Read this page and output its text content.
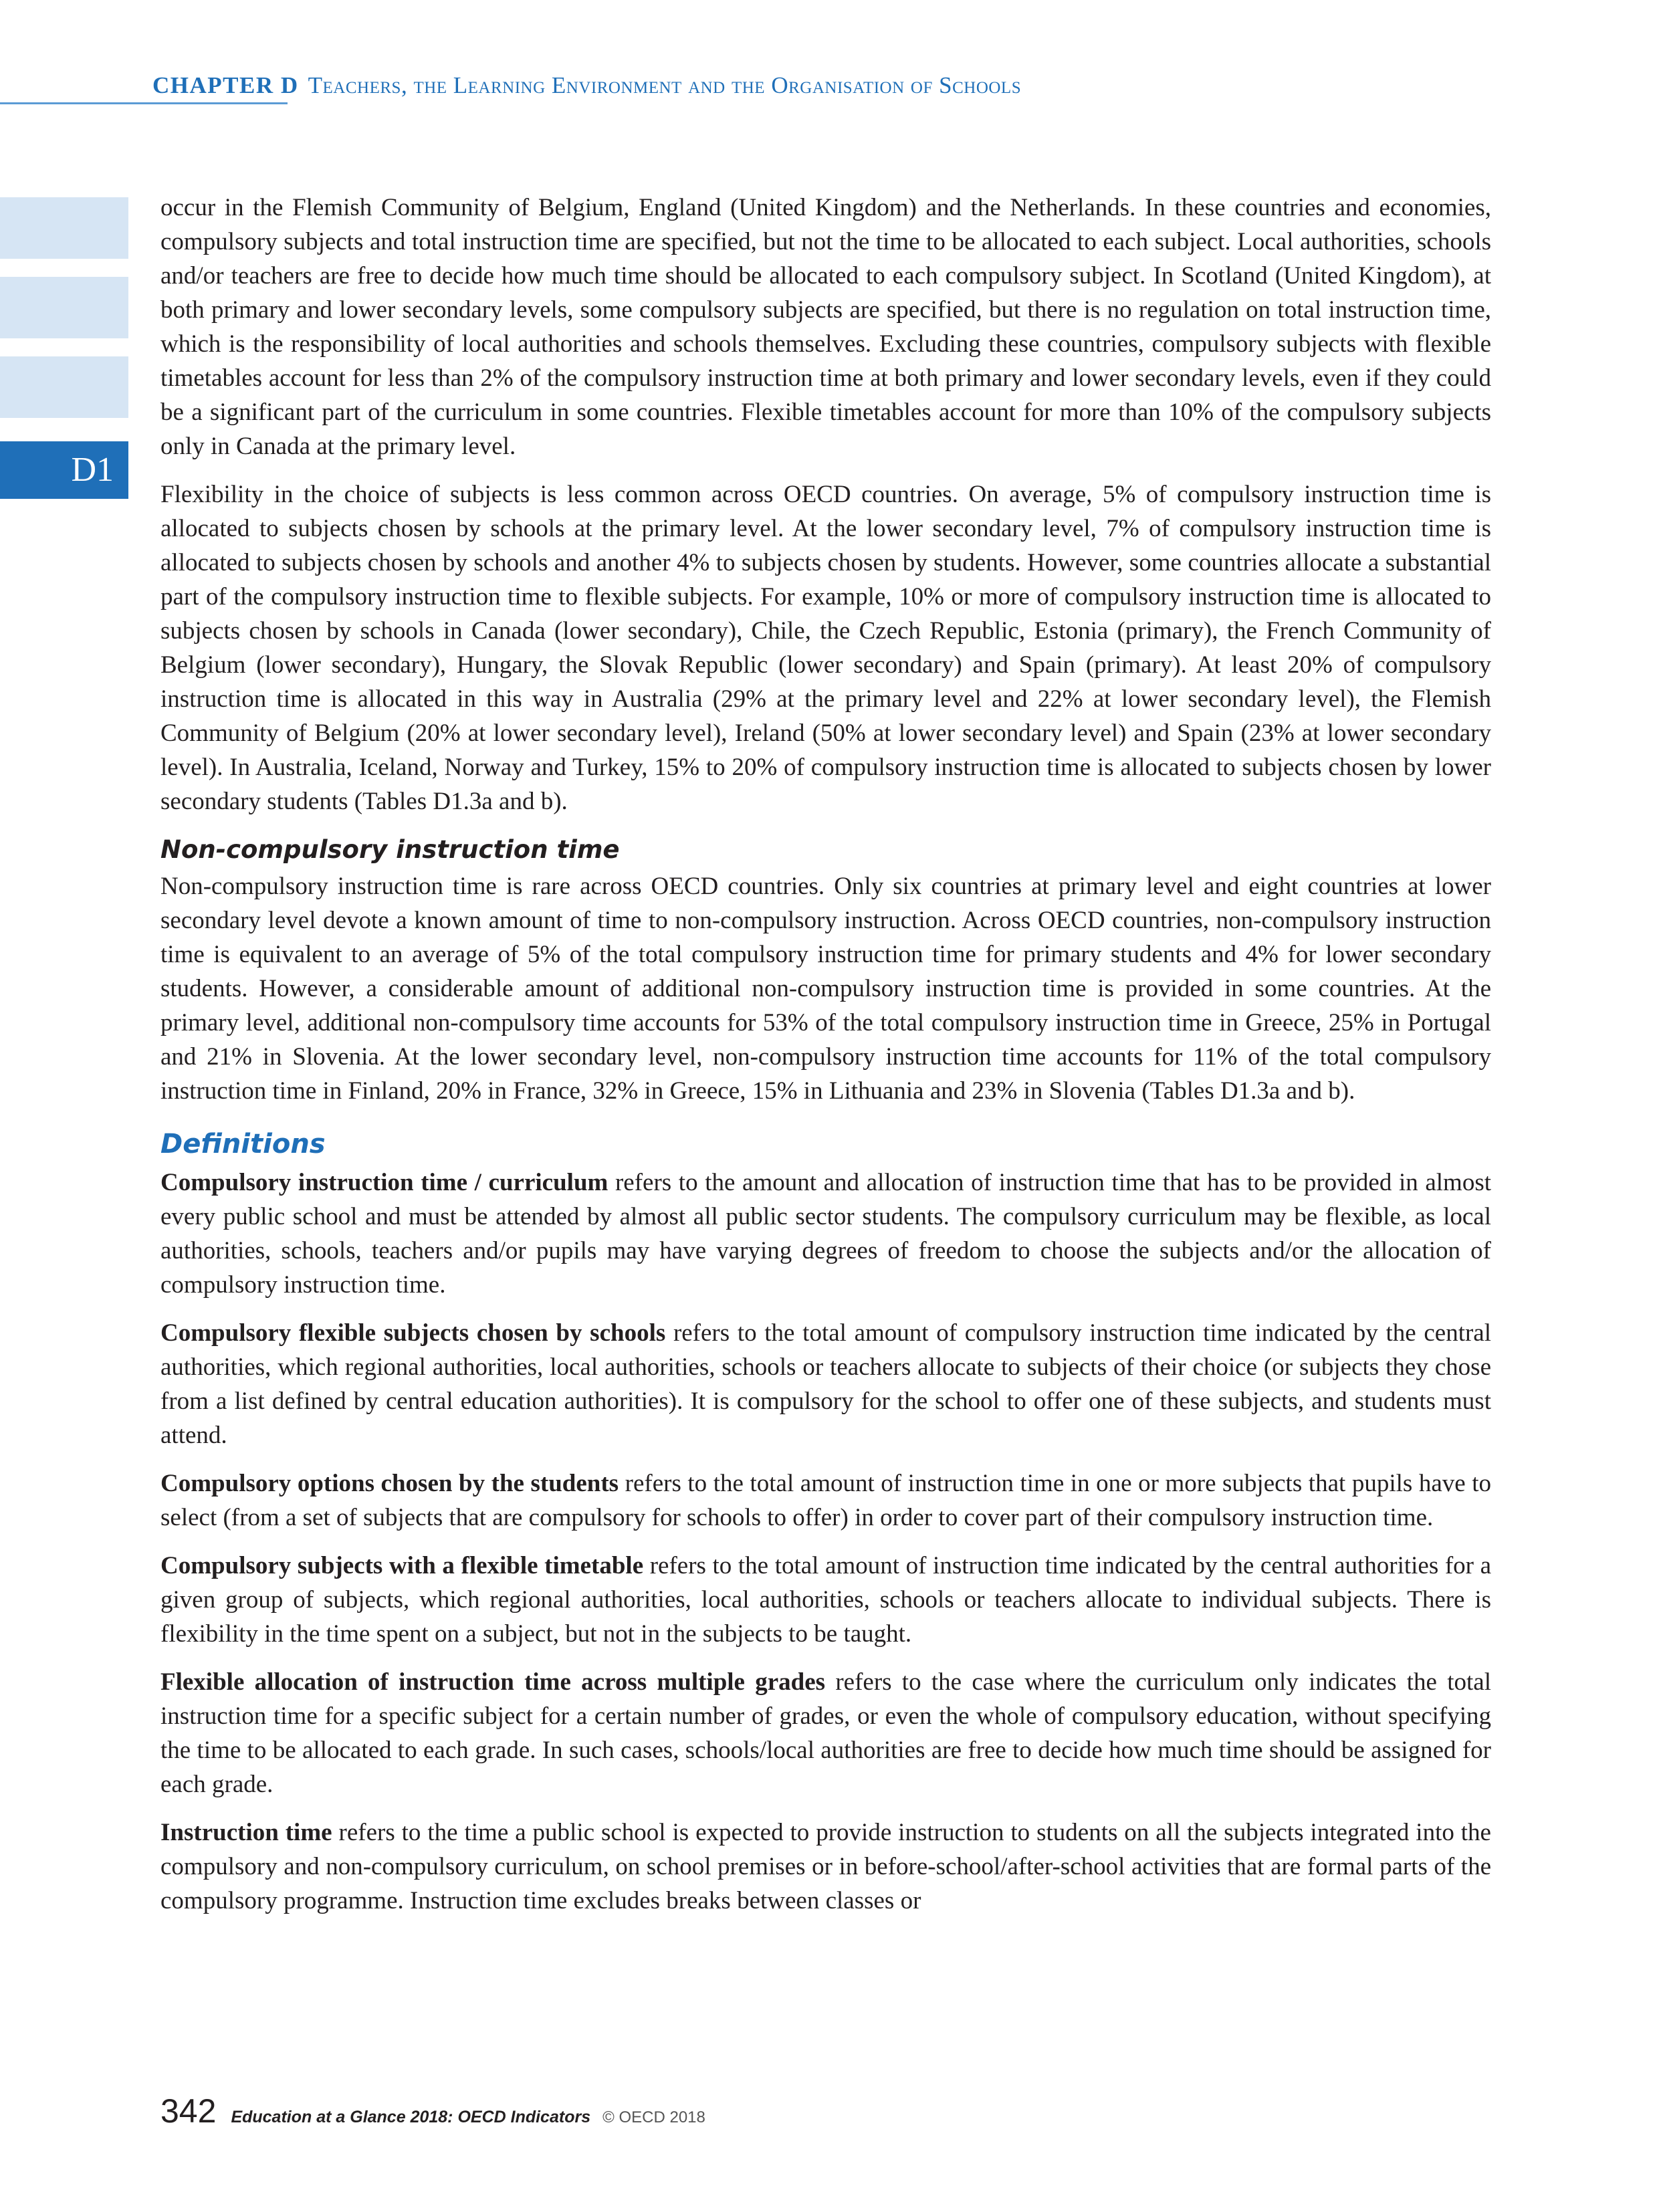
CHAPTER D Teachers, the Learning Environment and the Organisation of Schools
D1

occur in the Flemish Community of Belgium, England (United Kingdom) and the Netherlands. In these countries and economies, compulsory subjects and total instruction time are specified, but not the time to be allocated to each subject. Local authorities, schools and/or teachers are free to decide how much time should be allocated to each compulsory subject. In Scotland (United Kingdom), at both primary and lower secondary levels, some compulsory subjects are specified, but there is no regulation on total instruction time, which is the responsibility of local authorities and schools themselves. Excluding these countries, compulsory subjects with flexible timetables account for less than 2% of the compulsory instruction time at both primary and lower secondary levels, even if they could be a significant part of the curriculum in some countries. Flexible timetables account for more than 10% of the compulsory subjects only in Canada at the primary level.

Flexibility in the choice of subjects is less common across OECD countries. On average, 5% of compulsory instruction time is allocated to subjects chosen by schools at the primary level. At the lower secondary level, 7% of compulsory instruction time is allocated to subjects chosen by schools and another 4% to subjects chosen by students. However, some countries allocate a substantial part of the compulsory instruction time to flexible subjects. For example, 10% or more of compulsory instruction time is allocated to subjects chosen by schools in Canada (lower secondary), Chile, the Czech Republic, Estonia (primary), the French Community of Belgium (lower secondary), Hungary, the Slovak Republic (lower secondary) and Spain (primary). At least 20% of compulsory instruction time is allocated in this way in Australia (29% at the primary level and 22% at lower secondary level), the Flemish Community of Belgium (20% at lower secondary level), Ireland (50% at lower secondary level) and Spain (23% at lower secondary level). In Australia, Iceland, Norway and Turkey, 15% to 20% of compulsory instruction time is allocated to subjects chosen by lower secondary students (Tables D1.3a and b).

Non-compulsory instruction time

Non-compulsory instruction time is rare across OECD countries. Only six countries at primary level and eight countries at lower secondary level devote a known amount of time to non-compulsory instruction. Across OECD countries, non-compulsory instruction time is equivalent to an average of 5% of the total compulsory instruction time for primary students and 4% for lower secondary students. However, a considerable amount of additional non-compulsory instruction time is provided in some countries. At the primary level, additional non-compulsory time accounts for 53% of the total compulsory instruction time in Greece, 25% in Portugal and 21% in Slovenia. At the lower secondary level, non-compulsory instruction time accounts for 11% of the total compulsory instruction time in Finland, 20% in France, 32% in Greece, 15% in Lithuania and 23% in Slovenia (Tables D1.3a and b).

Definitions

Compulsory instruction time / curriculum refers to the amount and allocation of instruction time that has to be provided in almost every public school and must be attended by almost all public sector students. The compulsory curriculum may be flexible, as local authorities, schools, teachers and/or pupils may have varying degrees of freedom to choose the subjects and/or the allocation of compulsory instruction time.

Compulsory flexible subjects chosen by schools refers to the total amount of compulsory instruction time indicated by the central authorities, which regional authorities, local authorities, schools or teachers allocate to subjects of their choice (or subjects they chose from a list defined by central education authorities). It is compulsory for the school to offer one of these subjects, and students must attend.

Compulsory options chosen by the students refers to the total amount of instruction time in one or more subjects that pupils have to select (from a set of subjects that are compulsory for schools to offer) in order to cover part of their compulsory instruction time.

Compulsory subjects with a flexible timetable refers to the total amount of instruction time indicated by the central authorities for a given group of subjects, which regional authorities, local authorities, schools or teachers allocate to individual subjects. There is flexibility in the time spent on a subject, but not in the subjects to be taught.

Flexible allocation of instruction time across multiple grades refers to the case where the curriculum only indicates the total instruction time for a specific subject for a certain number of grades, or even the whole of compulsory education, without specifying the time to be allocated to each grade. In such cases, schools/local authorities are free to decide how much time should be assigned for each grade.

Instruction time refers to the time a public school is expected to provide instruction to students on all the subjects integrated into the compulsory and non-compulsory curriculum, on school premises or in before-school/after-school activities that are formal parts of the compulsory programme. Instruction time excludes breaks between classes or

342 Education at a Glance 2018: OECD Indicators © OECD 2018
